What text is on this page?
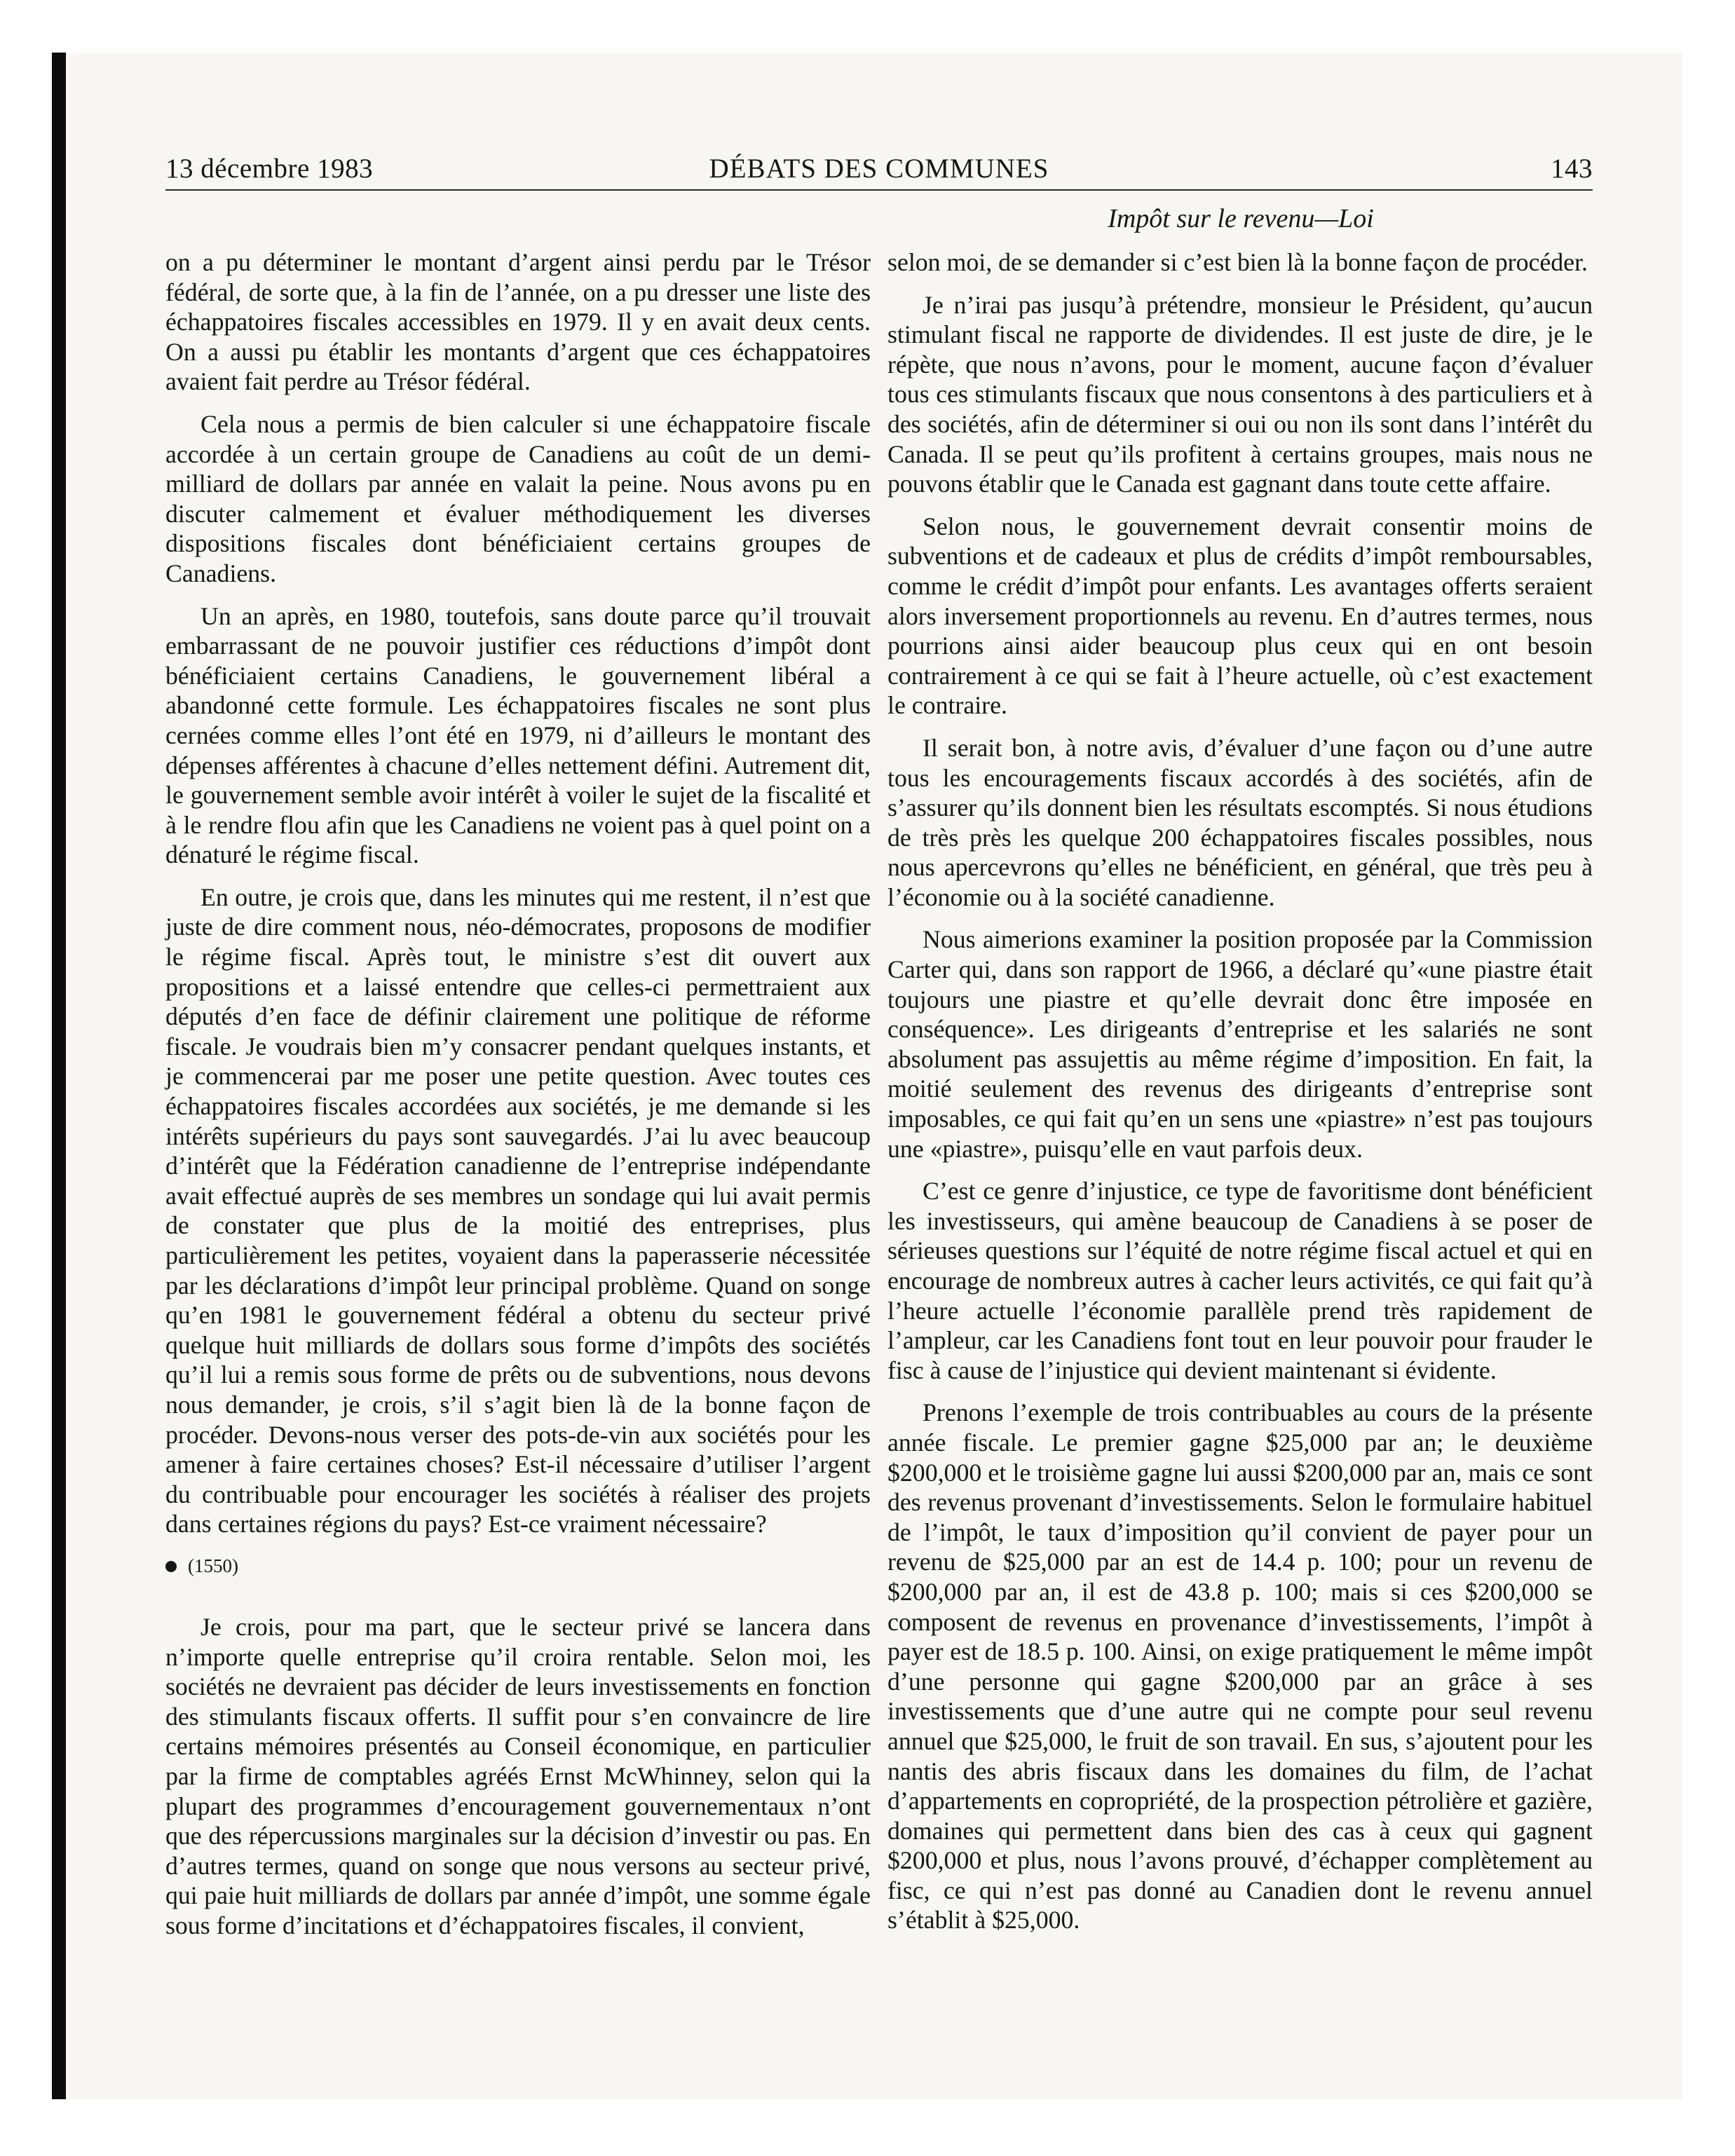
13 décembre 1983	DÉBATS DES COMMUNES	143
Impôt sur le revenu—Loi

on a pu déterminer le montant d’argent ainsi perdu par le Trésor fédéral, de sorte que, à la fin de l’année, on a pu dresser une liste des échappatoires fiscales accessibles en 1979. Il y en avait deux cents. On a aussi pu établir les montants d’argent que ces échappatoires avaient fait perdre au Trésor fédéral.

Cela nous a permis de bien calculer si une échappatoire fiscale accordée à un certain groupe de Canadiens au coût de un demi-milliard de dollars par année en valait la peine. Nous avons pu en discuter calmement et évaluer méthodiquement les diverses dispositions fiscales dont bénéficiaient certains groupes de Canadiens.

Un an après, en 1980, toutefois, sans doute parce qu’il trouvait embarrassant de ne pouvoir justifier ces réductions d’impôt dont bénéficiaient certains Canadiens, le gouvernement libéral a abandonné cette formule. Les échappatoires fiscales ne sont plus cernées comme elles l’ont été en 1979, ni d’ailleurs le montant des dépenses afférentes à chacune d’elles nettement défini. Autrement dit, le gouvernement semble avoir intérêt à voiler le sujet de la fiscalité et à le rendre flou afin que les Canadiens ne voient pas à quel point on a dénaturé le régime fiscal.

En outre, je crois que, dans les minutes qui me restent, il n’est que juste de dire comment nous, néo-démocrates, proposons de modifier le régime fiscal. Après tout, le ministre s’est dit ouvert aux propositions et a laissé entendre que celles-ci permettraient aux députés d’en face de définir clairement une politique de réforme fiscale. Je voudrais bien m’y consacrer pendant quelques instants, et je commencerai par me poser une petite question. Avec toutes ces échappatoires fiscales accordées aux sociétés, je me demande si les intérêts supérieurs du pays sont sauvegardés. J’ai lu avec beaucoup d’intérêt que la Fédération canadienne de l’entreprise indépendante avait effectué auprès de ses membres un sondage qui lui avait permis de constater que plus de la moitié des entreprises, plus particulièrement les petites, voyaient dans la paperasserie nécessitée par les déclarations d’impôt leur principal problème. Quand on songe qu’en 1981 le gouvernement fédéral a obtenu du secteur privé quelque huit milliards de dollars sous forme d’impôts des sociétés qu’il lui a remis sous forme de prêts ou de subventions, nous devons nous demander, je crois, s’il s’agit bien là de la bonne façon de procéder. Devons-nous verser des pots-de-vin aux sociétés pour les amener à faire certaines choses? Est-il nécessaire d’utiliser l’argent du contribuable pour encourager les sociétés à réaliser des projets dans certaines régions du pays? Est-ce vraiment nécessaire?

(1550)

Je crois, pour ma part, que le secteur privé se lancera dans n’importe quelle entreprise qu’il croira rentable. Selon moi, les sociétés ne devraient pas décider de leurs investissements en fonction des stimulants fiscaux offerts. Il suffit pour s’en convaincre de lire certains mémoires présentés au Conseil économique, en particulier par la firme de comptables agréés Ernst McWhinney, selon qui la plupart des programmes d’encouragement gouvernementaux n’ont que des répercussions marginales sur la décision d’investir ou pas. En d’autres termes, quand on songe que nous versons au secteur privé, qui paie huit milliards de dollars par année d’impôt, une somme égale sous forme d’incitations et d’échappatoires fiscales, il convient,

selon moi, de se demander si c’est bien là la bonne façon de procéder.

Je n’irai pas jusqu’à prétendre, monsieur le Président, qu’aucun stimulant fiscal ne rapporte de dividendes. Il est juste de dire, je le répète, que nous n’avons, pour le moment, aucune façon d’évaluer tous ces stimulants fiscaux que nous consentons à des particuliers et à des sociétés, afin de déterminer si oui ou non ils sont dans l’intérêt du Canada. Il se peut qu’ils profitent à certains groupes, mais nous ne pouvons établir que le Canada est gagnant dans toute cette affaire.

Selon nous, le gouvernement devrait consentir moins de subventions et de cadeaux et plus de crédits d’impôt remboursables, comme le crédit d’impôt pour enfants. Les avantages offerts seraient alors inversement proportionnels au revenu. En d’autres termes, nous pourrions ainsi aider beaucoup plus ceux qui en ont besoin contrairement à ce qui se fait à l’heure actuelle, où c’est exactement le contraire.

Il serait bon, à notre avis, d’évaluer d’une façon ou d’une autre tous les encouragements fiscaux accordés à des sociétés, afin de s’assurer qu’ils donnent bien les résultats escomptés. Si nous étudions de très près les quelque 200 échappatoires fiscales possibles, nous nous apercevrons qu’elles ne bénéficient, en général, que très peu à l’économie ou à la société canadienne.

Nous aimerions examiner la position proposée par la Commission Carter qui, dans son rapport de 1966, a déclaré qu’«une piastre était toujours une piastre et qu’elle devrait donc être imposée en conséquence». Les dirigeants d’entreprise et les salariés ne sont absolument pas assujettis au même régime d’imposition. En fait, la moitié seulement des revenus des dirigeants d’entreprise sont imposables, ce qui fait qu’en un sens une «piastre» n’est pas toujours une «piastre», puisqu’elle en vaut parfois deux.

C’est ce genre d’injustice, ce type de favoritisme dont bénéficient les investisseurs, qui amène beaucoup de Canadiens à se poser de sérieuses questions sur l’équité de notre régime fiscal actuel et qui en encourage de nombreux autres à cacher leurs activités, ce qui fait qu’à l’heure actuelle l’économie parallèle prend très rapidement de l’ampleur, car les Canadiens font tout en leur pouvoir pour frauder le fisc à cause de l’injustice qui devient maintenant si évidente.

Prenons l’exemple de trois contribuables au cours de la présente année fiscale. Le premier gagne $25,000 par an; le deuxième $200,000 et le troisième gagne lui aussi $200,000 par an, mais ce sont des revenus provenant d’investissements. Selon le formulaire habituel de l’impôt, le taux d’imposition qu’il convient de payer pour un revenu de $25,000 par an est de 14.4 p. 100; pour un revenu de $200,000 par an, il est de 43.8 p. 100; mais si ces $200,000 se composent de revenus en provenance d’investissements, l’impôt à payer est de 18.5 p. 100. Ainsi, on exige pratiquement le même impôt d’une personne qui gagne $200,000 par an grâce à ses investissements que d’une autre qui ne compte pour seul revenu annuel que $25,000, le fruit de son travail. En sus, s’ajoutent pour les nantis des abris fiscaux dans les domaines du film, de l’achat d’appartements en copropriété, de la prospection pétrolière et gazière, domaines qui permettent dans bien des cas à ceux qui gagnent $200,000 et plus, nous l’avons prouvé, d’échapper complètement au fisc, ce qui n’est pas donné au Canadien dont le revenu annuel s’établit à $25,000.
